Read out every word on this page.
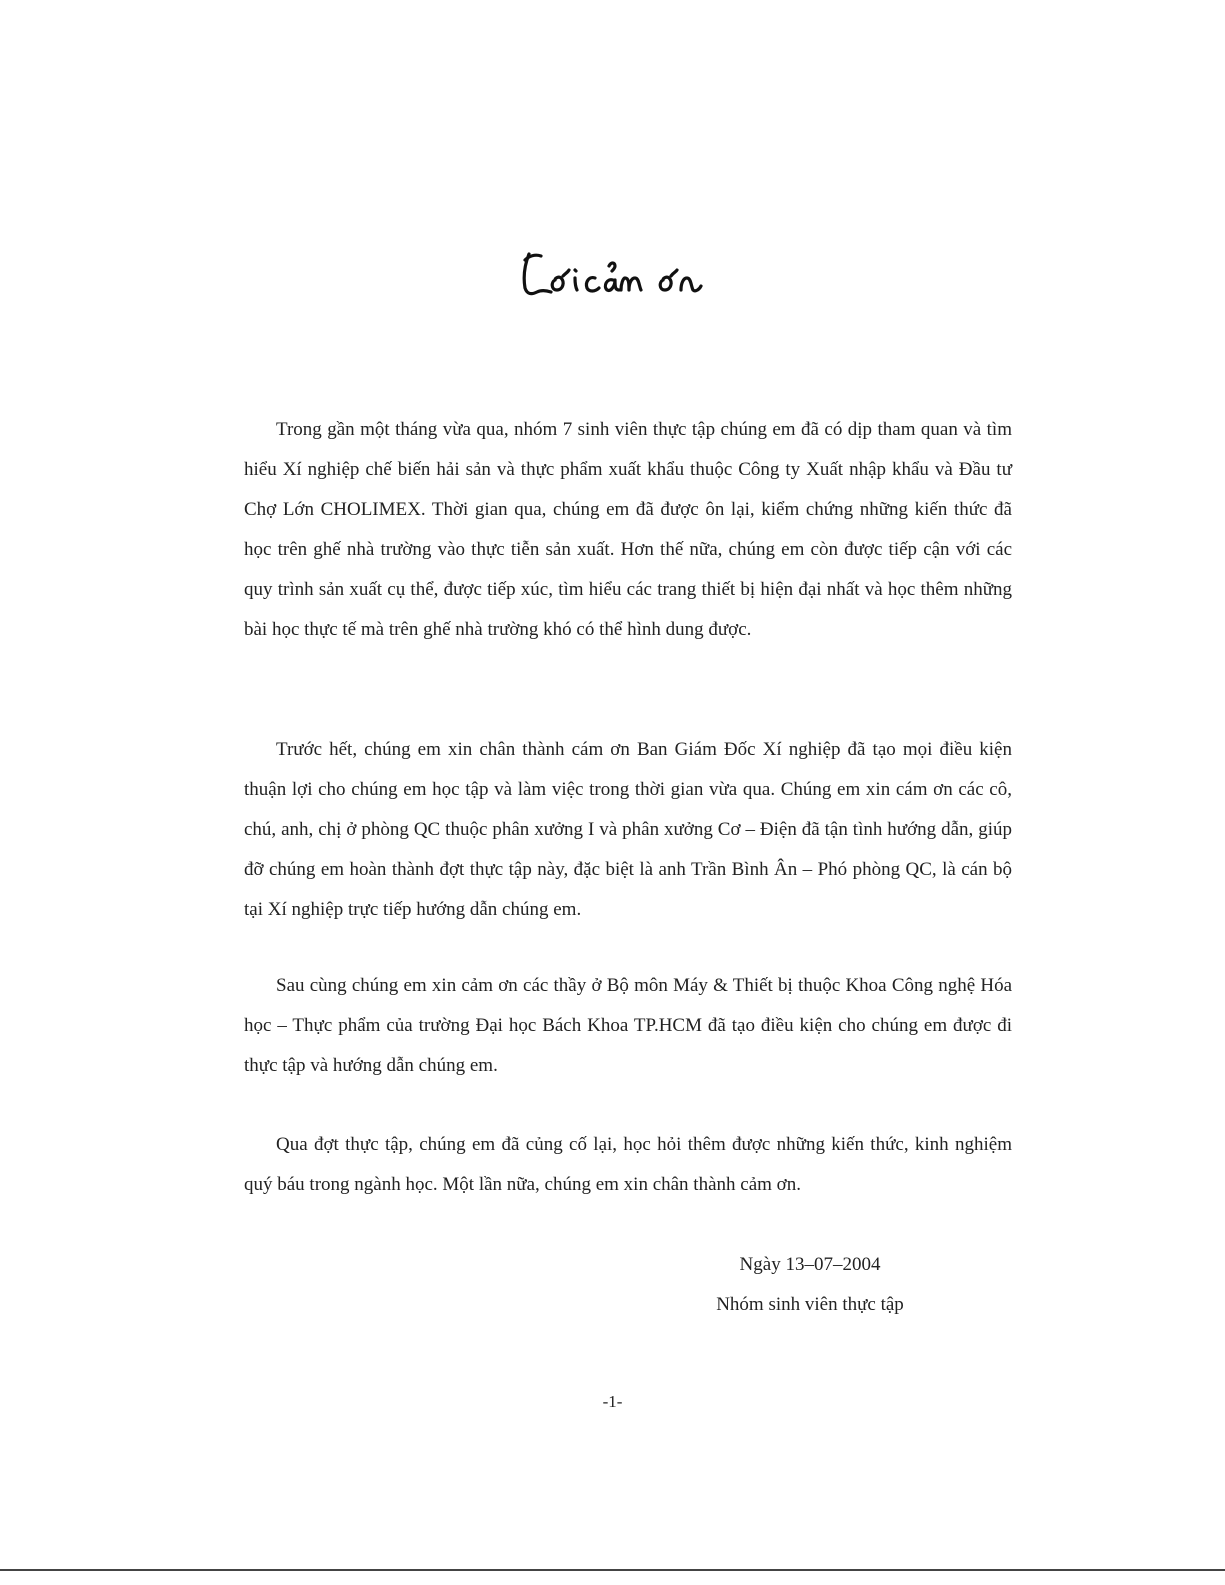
Trong gần một tháng vừa qua, nhóm 7 sinh viên thực tập chúng em đã có dịp tham quan và tìm hiểu Xí nghiệp chế biến hải sản và thực phẩm xuất khẩu thuộc Công ty Xuất nhập khẩu và Đầu tư Chợ Lớn CHOLIMEX. Thời gian qua, chúng em đã được ôn lại, kiểm chứng những kiến thức đã học trên ghế nhà trường vào thực tiễn sản xuất. Hơn thế nữa, chúng em còn được tiếp cận với các quy trình sản xuất cụ thể, được tiếp xúc, tìm hiểu các trang thiết bị hiện đại nhất và học thêm những bài học thực tế mà trên ghế nhà trường khó có thể hình dung được.

Trước hết, chúng em xin chân thành cám ơn Ban Giám Đốc Xí nghiệp đã tạo mọi điều kiện thuận lợi cho chúng em học tập và làm việc trong thời gian vừa qua. Chúng em xin cám ơn các cô, chú, anh, chị ở phòng QC thuộc phân xưởng I và phân xưởng Cơ – Điện đã tận tình hướng dẫn, giúp đỡ chúng em hoàn thành đợt thực tập này, đặc biệt là anh Trần Bình Ân – Phó phòng QC, là cán bộ tại Xí nghiệp trực tiếp hướng dẫn chúng em.

Sau cùng chúng em xin cảm ơn các thầy ở Bộ môn Máy & Thiết bị thuộc Khoa Công nghệ Hóa học – Thực phẩm của trường Đại học Bách Khoa TP.HCM đã tạo điều kiện cho chúng em được đi thực tập và hướng dẫn chúng em.

Qua đợt thực tập, chúng em đã củng cố lại, học hỏi thêm được những kiến thức, kinh nghiệm quý báu trong ngành học. Một lần nữa, chúng em xin chân thành cảm ơn.

Ngày 13–07–2004
Nhóm sinh viên thực tập
-1-
